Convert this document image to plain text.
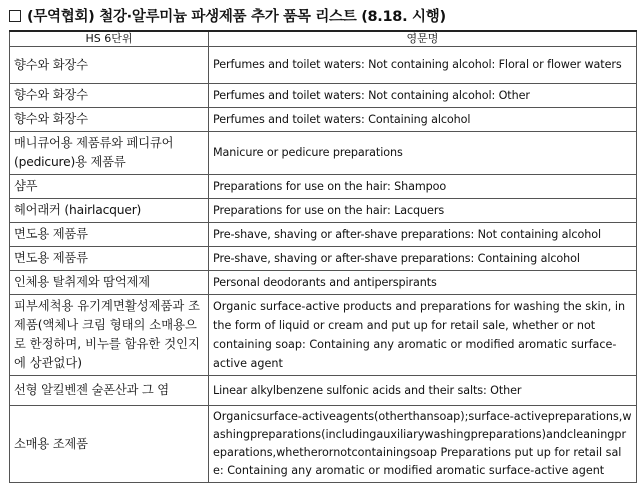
(무역협회) 철강·알루미늄 파생제품 추가 품목 리스트 (8.18. 시행)
HS 6단위	영문명
향수와 화장수	Perfumes and toilet waters: Not containing alcohol: Floral or flower waters
향수와 화장수	Perfumes and toilet waters: Not containing alcohol: Other
향수와 화장수	Perfumes and toilet waters: Containing alcohol
매니큐어용 제품류와 페디큐어 (pedicure)용 제품류	Manicure or pedicure preparations
샴푸	Preparations for use on the hair: Shampoo
헤어래커 (hairlacquer)	Preparations for use on the hair: Lacquers
면도용 제품류	Pre-shave, shaving or after-shave preparations: Not containing alcohol
면도용 제품류	Pre-shave, shaving or after-shave preparations: Containing alcohol
인체용 탈취제와 땀억제제	Personal deodorants and antiperspirants
피부세척용 유기계면활성제품과 조제품(액체나 크림 형태의 소매용으로 한정하며, 비누를 함유한 것인지에 상관없다)	Organic surface-active products and preparations for washing the skin, in the form of liquid or cream and put up for retail sale, whether or not containing soap: Containing any aromatic or modified aromatic surface-active agent
선형 알킬벤젠 술폰산과 그 염	Linear alkylbenzene sulfonic acids and their salts: Other
소매용 조제품	Organicsurface-activeagents(otherthansoap);surface-activepreparations,washingpreparations(includingauxiliarywashingpreparations)andcleaningpreparations,whetherornotcontainingsoap Preparations put up for retail sale: Containing any aromatic or modified aromatic surface-active agent
